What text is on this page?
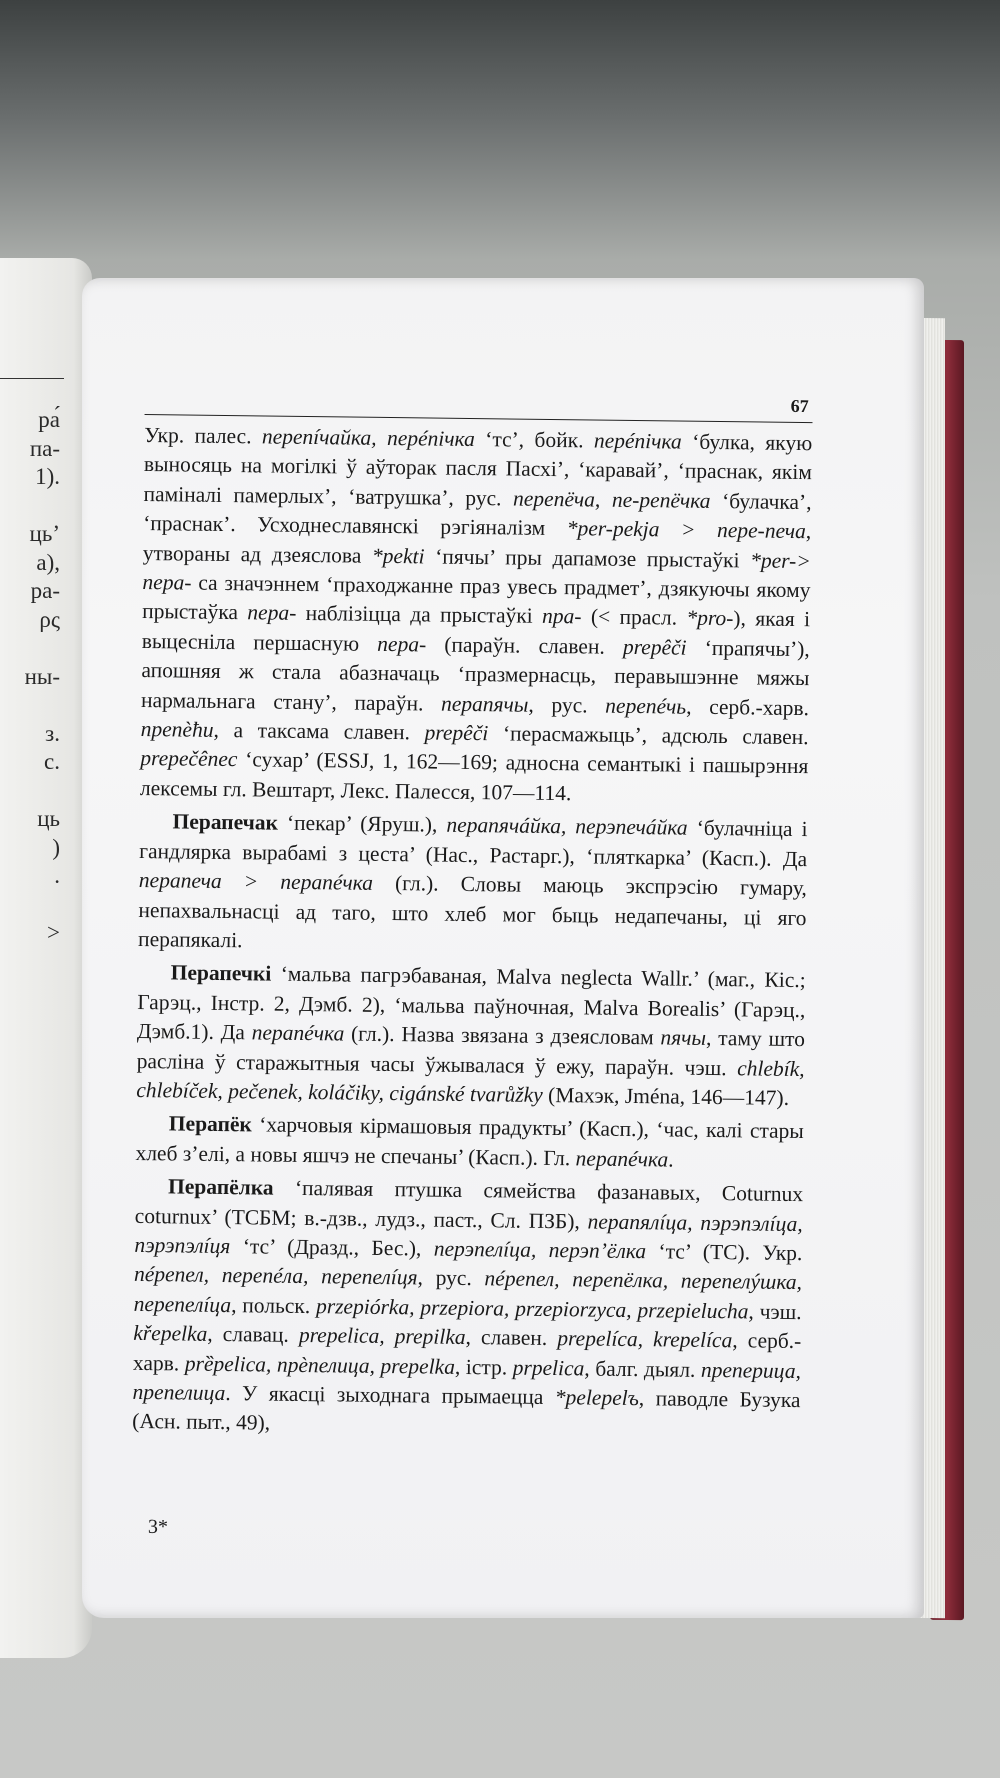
ра́
па-
1).
ць’
а),
ра-
ρς
ны-
з.
с.
ць
)
.
>
67

Укр. палес. перепíчайка, перéпiчка ‘тс’, бойк. перéпiчка ‘булка, якую выносяць на могілкі ў аўторак пасля Пасхі’, ‘каравай’, ‘праснак, якім памінaлі памерлых’, ‘ватрушка’, рус. перепёча, пе-репёчка ‘булачка’, ‘праснак’. Усходнеславянскі рэгіяналізм *per-pekja > пере-печа, утвораны ад дзеяслова *pekti ‘пячы’ пры дапамозе прыстаўкі *per-> пера- са значэннем ‘праходжанне праз увесь прадмет’, дзякуючы якому прыстаўка пера- наблізіцца да прыстаўкі пра- (< прасл. *pro-), якая і выцесніла першасную пера- (параўн. славен. prepêči ‘прапячы’), апошняя ж стала абазначаць ‘празмернасць, перавышэнне мяжы нармальнага стану’, параўн. перапячы, рус. перепéчь, серб.-харв. препèħи, а таксама славен. prepêči ‘перасмажыць’, адсюль славен. prepečênec ‘сухар’ (ESSJ, 1, 162—169; адносна семантыкі і пашырэння лексемы гл. Вештарт, Лекс. Палесся, 107—114.

Перапечак ‘пекар’ (Яруш.), перапячáйка, перэпечáйка ‘булачніца і гандлярка вырабамі з цеста’ (Нас., Растарг.), ‘пляткарка’ (Касп.). Да перапеча > перапéчка (гл.). Словы маюць экспрэсію гумару, непахвальнасці ад таго, што хлеб мог быць недапечаны, ці яго перапякалі.

Перапечкі ‘мальва пагрэбаваная, Malva neglecta Wallr.’ (маг., Кіс.; Гарэц., Інстр. 2, Дэмб. 2), ‘мальва паўночная, Malva Borealis’ (Гарэц., Дэмб.1). Да перапéчка (гл.). Назва звязана з дзеясловам пячы, таму што расліна ў старажытныя часы ўжывалася ў ежу, параўн. чэш. chlebík, chlebíček, pečenek, koláčiky, cigánské tvarůžky (Махэк, Jména, 146—147).

Перапёк ‘харчовыя кірмашовыя прадукты’ (Касп.), ‘час, калі стары хлеб з’елі, а новы яшчэ не спечаны’ (Касп.). Гл. перапéчка.

Перапёлка ‘палявая птушка сямейства фазанавых, Coturnux coturnux’ (ТСБМ; в.-дзв., лудз., паст., Сл. ПЗБ), перапялíца, пэрэпэлíца, пэрэпэлíця ‘тс’ (Дразд., Бес.), перэпелíца, перэп’ёлка ‘тс’ (ТС). Укр. пéрепел, перепéла, перепелíця, рус. пéрепел, перепёлка, перепелýшка, перепелíца, польск. przepiórka, przepiora, przepiorzyca, przepielucha, чэш. křepelka, славац. prepelica, prepilka, славен. prepelíca, krepelíca, серб.-харв. prȅpelica, прèпелица, prepelka, істр. prpelica, балг. дыял. преперица, препелица. У якасці зыходнага прымаецца *pelepelъ, паводле Бузука (Асн. пыт., 49),

3*
